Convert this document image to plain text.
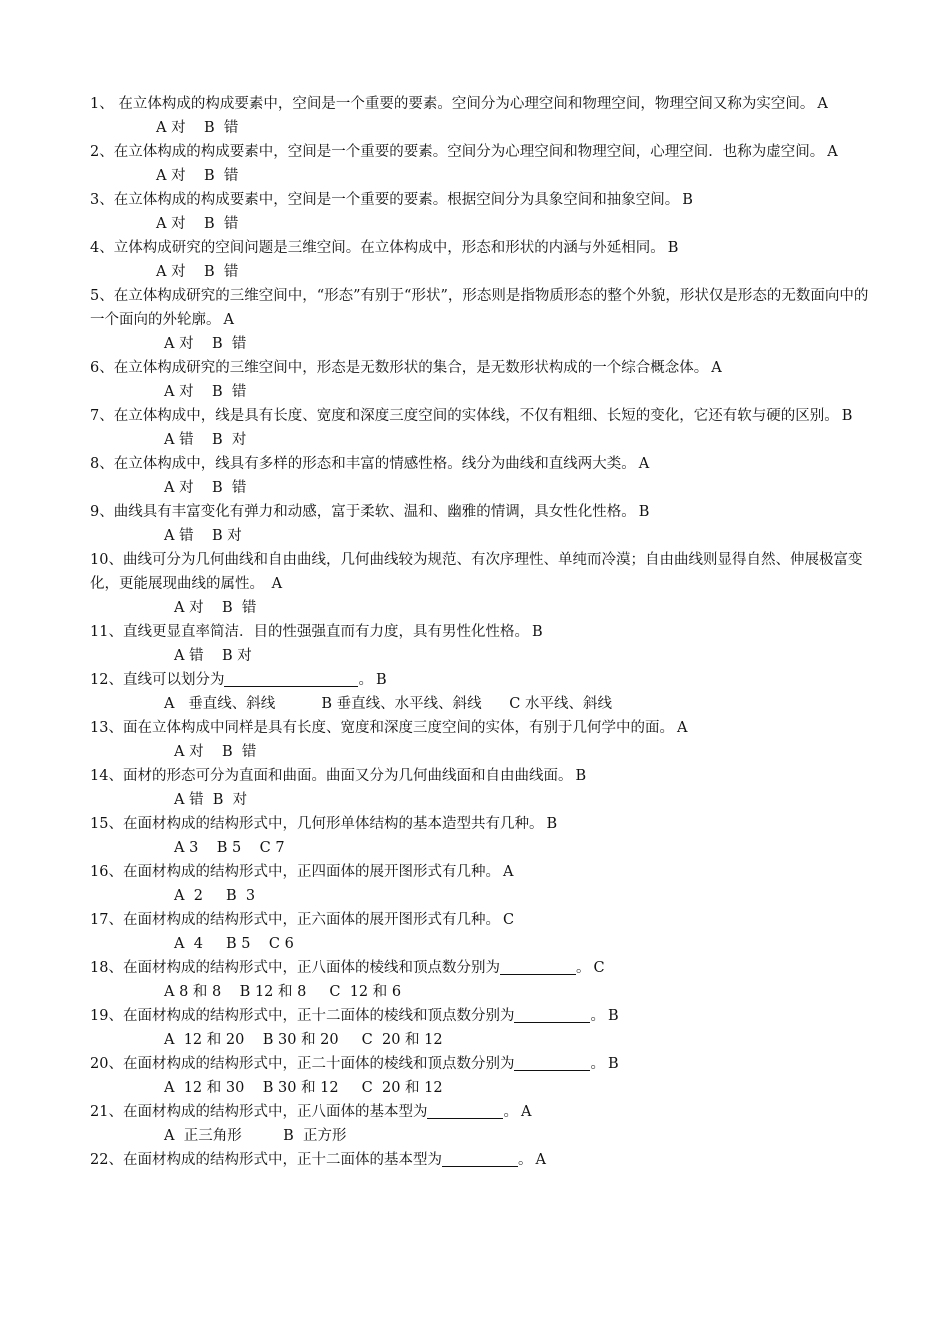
1、 在立体构成的构成要素中，空间是一个重要的要素。空间分为心理空间和物理空间，物理空间又称为实空间。 A

A 对    B  错

2、在立体构成的构成要素中，空间是一个重要的要素。空间分为心理空间和物理空间，心理空间．也称为虚空间。 A

A 对    B  错

3、在立体构成的构成要素中，空间是一个重要的要素。根据空间分为具象空间和抽象空间。 B

A 对    B  错

4、立体构成研究的空间问题是三维空间。在立体构成中，形态和形状的内涵与外延相同。 B

A 对    B  错

5、在立体构成研究的三维空间中，“形态”有别于“形状”，形态则是指物质形态的整个外貌，形状仅是形态的无数面向中的一个面向的外轮廓。 A

A 对    B  错

6、在立体构成研究的三维空间中，形态是无数形状的集合，是无数形状构成的一个综合概念体。 A

A 对    B  错

7、在立体构成中，线是具有长度、宽度和深度三度空间的实体线，不仅有粗细、长短的变化，它还有软与硬的区别。 B

A 错    B  对

8、在立体构成中，线具有多样的形态和丰富的情感性格。线分为曲线和直线两大类。 A

A 对    B  错

9、曲线具有丰富变化有弹力和动感，富于柔软、温和、幽雅的情调，具女性化性格。 B

A 错    B 对

10、曲线可分为几何曲线和自由曲线，几何曲线较为规范、有次序理性、单纯而冷漠；自由曲线则显得自然、伸展极富变化，更能展现曲线的属性。 A

A 对    B  错

11、直线更显直率简洁．目的性强强直而有力度，具有男性化性格。 B

A 错    B 对

12、直线可以划分为	。 B

A   垂直线、斜线          B 垂直线、水平线、斜线      C 水平线、斜线

13、面在立体构成中同样是具有长度、宽度和深度三度空间的实体，有别于几何学中的面。 A

A 对    B  错

14、面材的形态可分为直面和曲面。曲面又分为几何曲线面和自由曲线面。 B

A 错  B  对

15、在面材构成的结构形式中，几何形单体结构的基本造型共有几种。 B

A 3    B 5    C 7

16、在面材构成的结构形式中，正四面体的展开图形式有几种。 A

A  2     B  3

17、在面材构成的结构形式中，正六面体的展开图形式有几种。 C

A  4     B 5    C 6

18、在面材构成的结构形式中，正八面体的棱线和顶点数分别为	。 C

A 8 和 8    B 12 和 8     C  12 和 6

19、在面材构成的结构形式中，正十二面体的棱线和顶点数分别为	。 B

A  12 和 20    B 30 和 20     C  20 和 12

20、在面材构成的结构形式中，正二十面体的棱线和顶点数分别为	。 B

A  12 和 30    B 30 和 12     C  20 和 12

21、在面材构成的结构形式中，正八面体的基本型为	。 A

A  正三角形         B  正方形

22、在面材构成的结构形式中，正十二面体的基本型为	。 A
